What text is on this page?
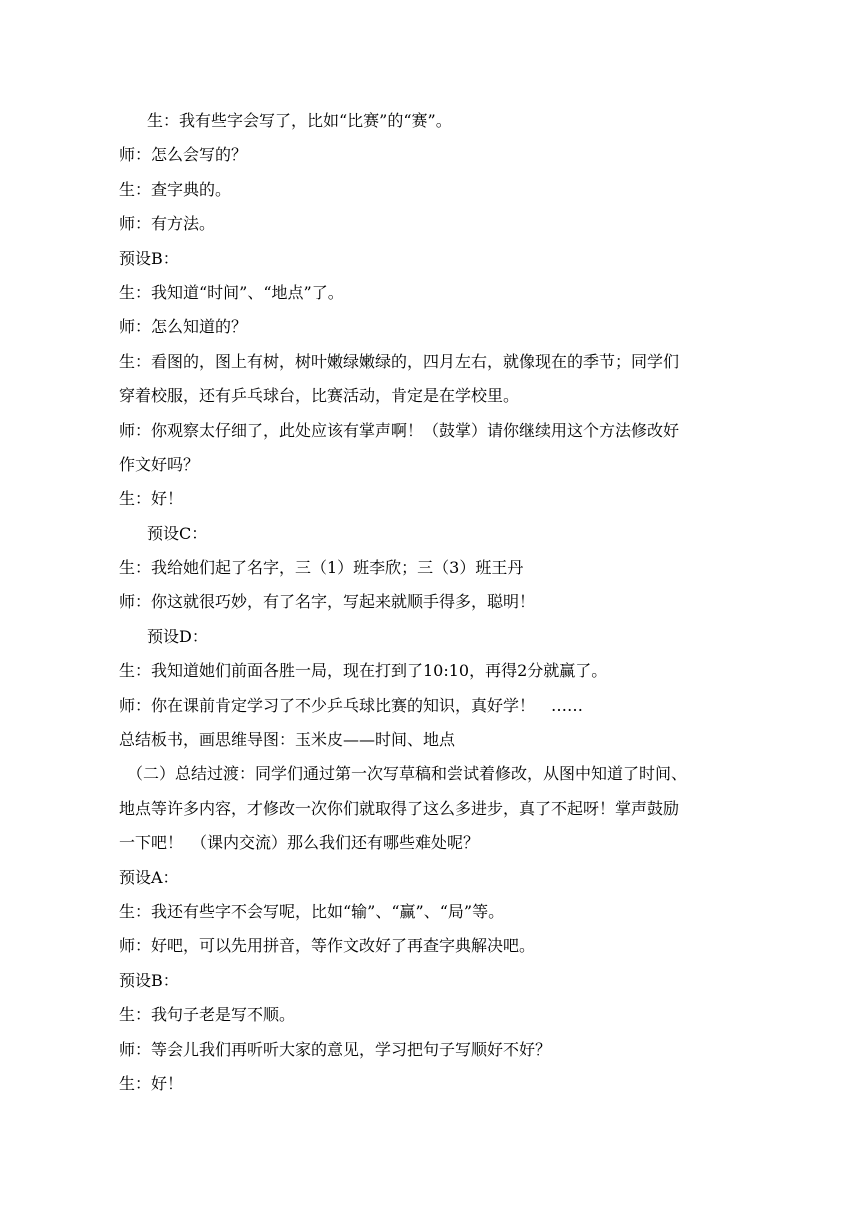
生：我有些字会写了，比如“比赛”的“赛”。
师：怎么会写的？
生：查字典的。
师：有方法。
预设B：
生：我知道“时间”、“地点”了。
师：怎么知道的？
生：看图的，图上有树，树叶嫩绿嫩绿的，四月左右，就像现在的季节；同学们
穿着校服，还有乒乓球台，比赛活动，肯定是在学校里。
师：你观察太仔细了，此处应该有掌声啊！（鼓掌）请你继续用这个方法修改好
作文好吗？
生：好！
预设C：
生：我给她们起了名字，三（1）班李欣；三（3）班王丹
师：你这就很巧妙，有了名字，写起来就顺手得多，聪明！
预设D：
生：我知道她们前面各胜一局，现在打到了10:10，再得2分就赢了。
师：你在课前肯定学习了不少乒乓球比赛的知识，真好学！　……
总结板书，画思维导图：玉米皮——时间、地点
（二）总结过渡：同学们通过第一次写草稿和尝试着修改，从图中知道了时间、
地点等许多内容，才修改一次你们就取得了这么多进步，真了不起呀！掌声鼓励
一下吧！　（课内交流）那么我们还有哪些难处呢？
预设A：
生：我还有些字不会写呢，比如“输”、“赢”、“局”等。
师：好吧，可以先用拼音，等作文改好了再查字典解决吧。
预设B：
生：我句子老是写不顺。
师：等会儿我们再听听大家的意见，学习把句子写顺好不好？
生：好！
